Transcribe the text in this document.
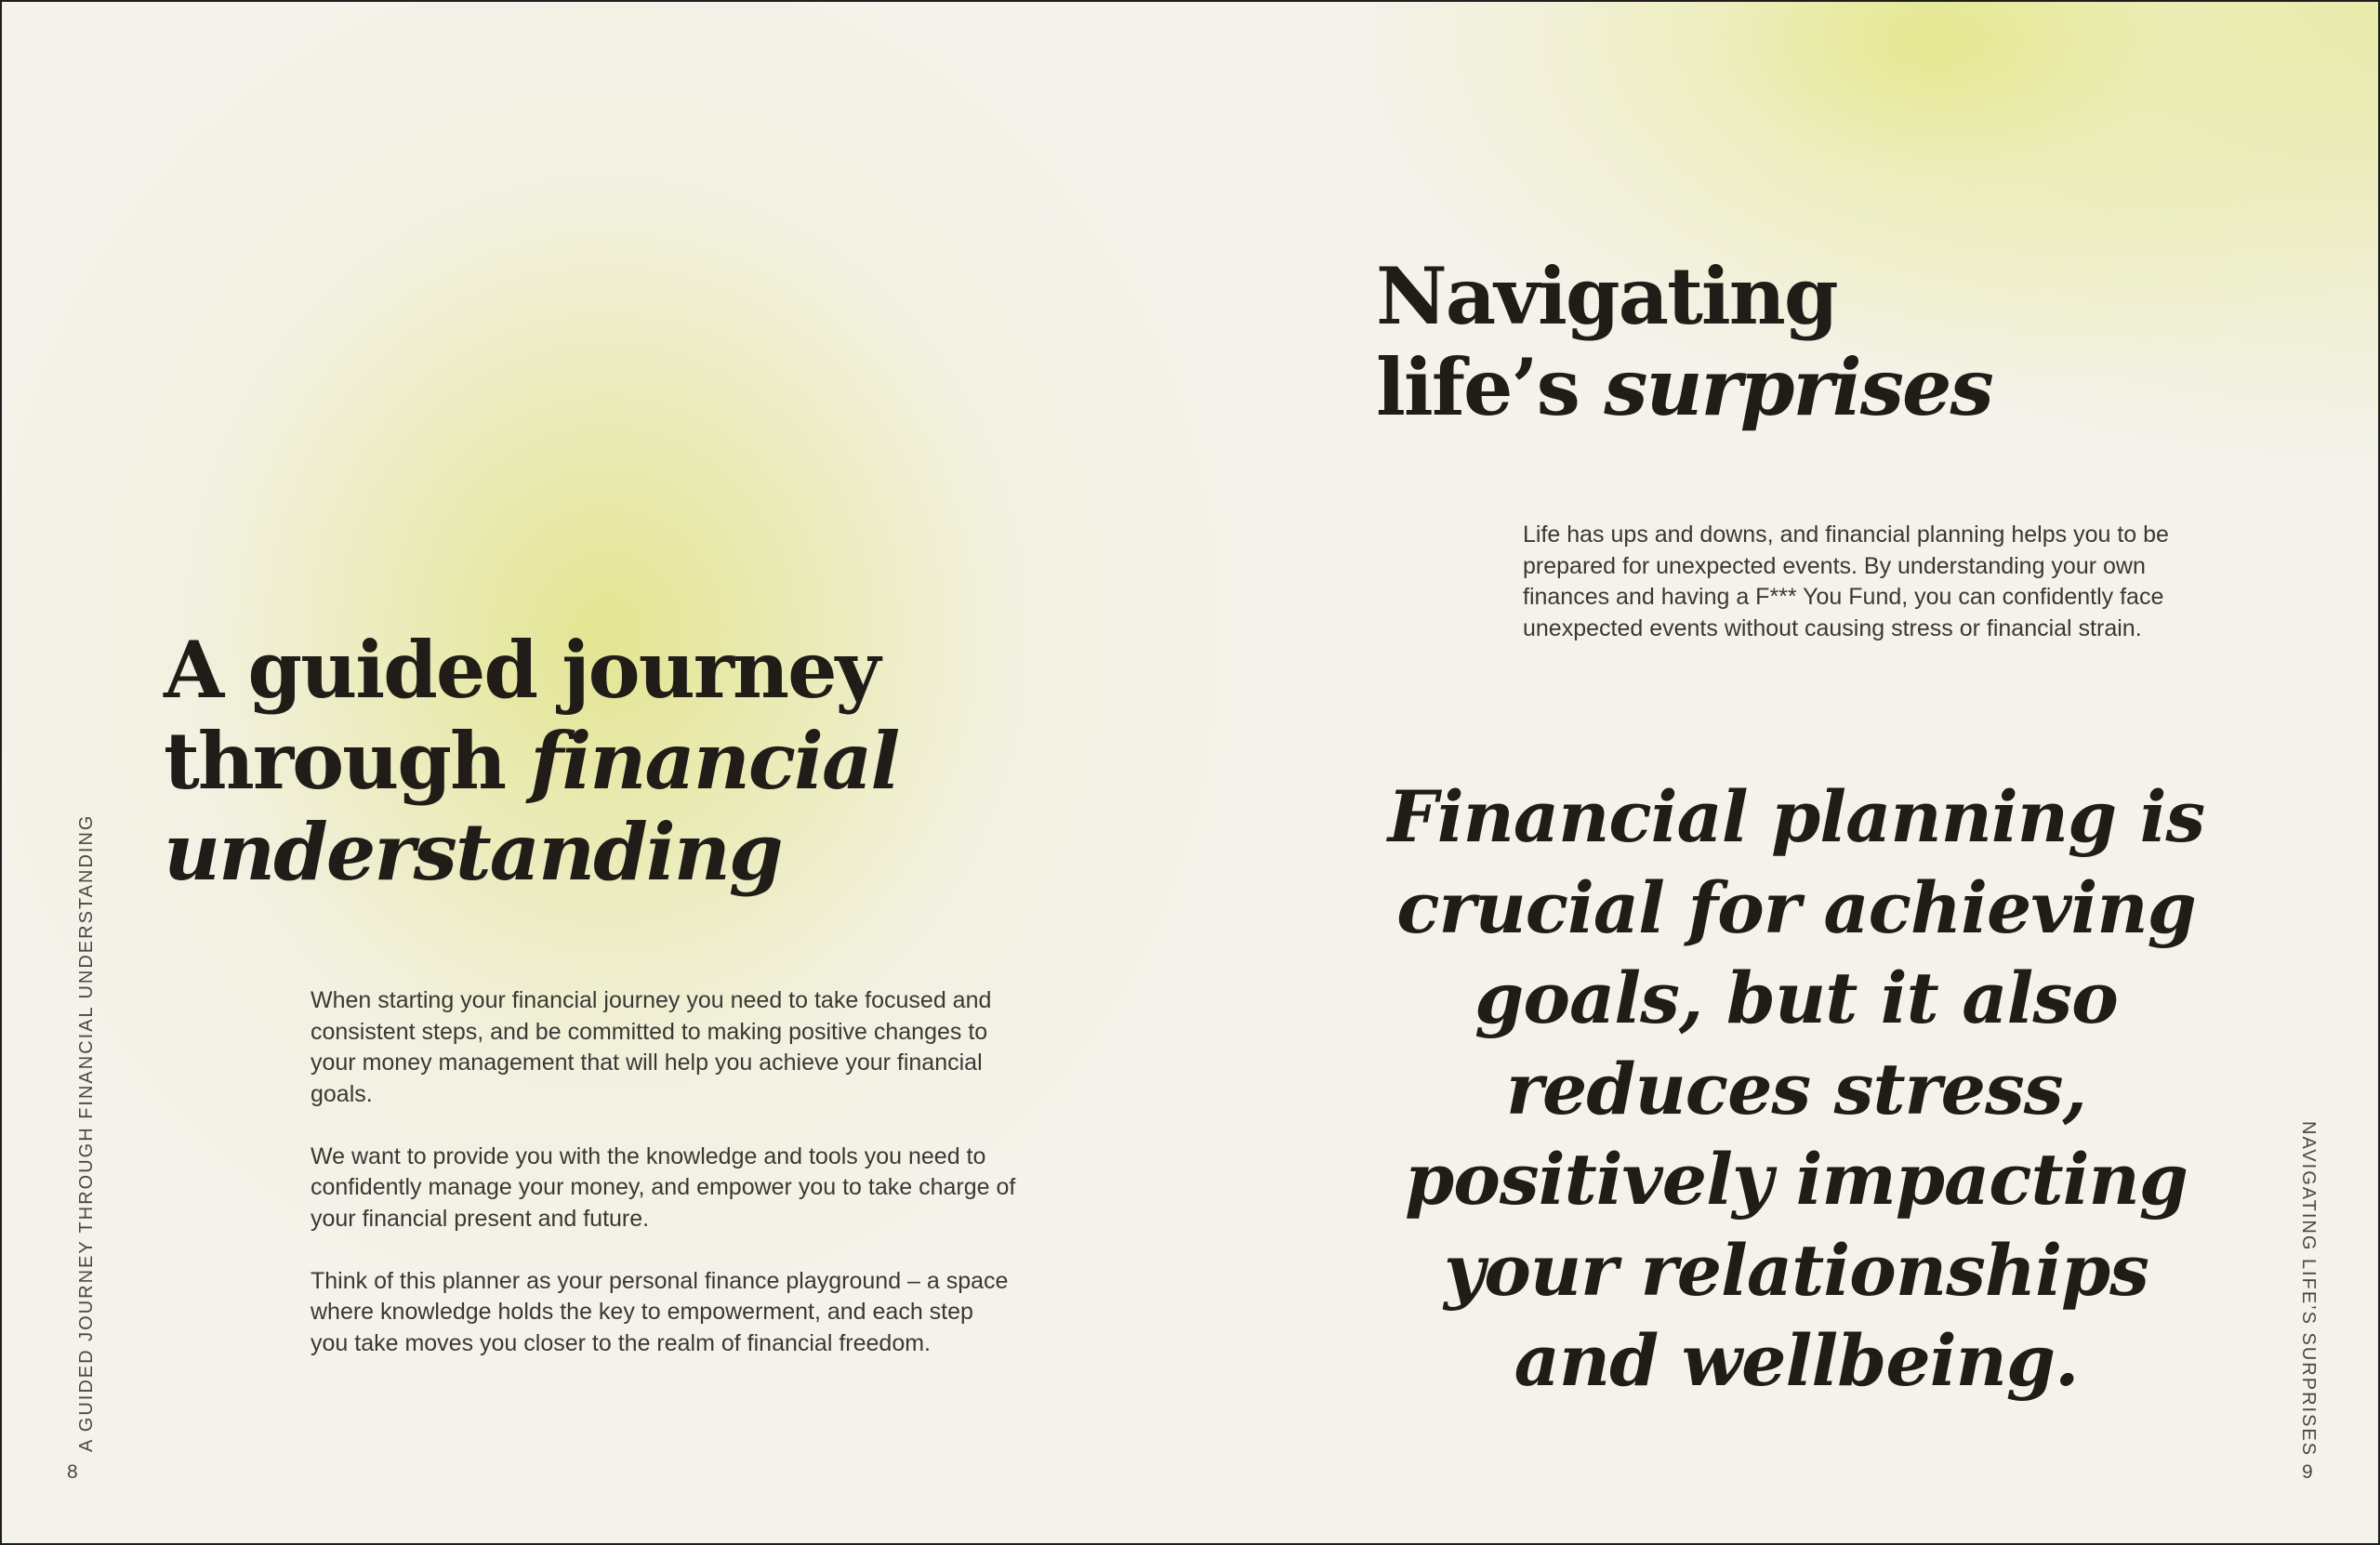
A guided journey
through financial
understanding

When starting your financial journey you need to take focused and consistent steps, and be committed to making positive changes to your money management that will help you achieve your financial goals.

We want to provide you with the knowledge and tools you need to confidently manage your money, and empower you to take charge of your financial present and future.

Think of this planner as your personal finance playground – a space where knowledge holds the key to empowerment, and each step you take moves you closer to the realm of financial freedom.

A GUIDED JOURNEY THROUGH FINANCIAL UNDERSTANDING
8
Navigating
life’s surprises

Life has ups and downs, and financial planning helps you to be prepared for unexpected events. By understanding your own finances and having a F*** You Fund, you can confidently face unexpected events without causing stress or financial strain.

Financial planning is crucial for achieving goals, but it also reduces stress, positively impacting your relationships and wellbeing.	NAVIGATING LIFE’S SURPRISES
9
